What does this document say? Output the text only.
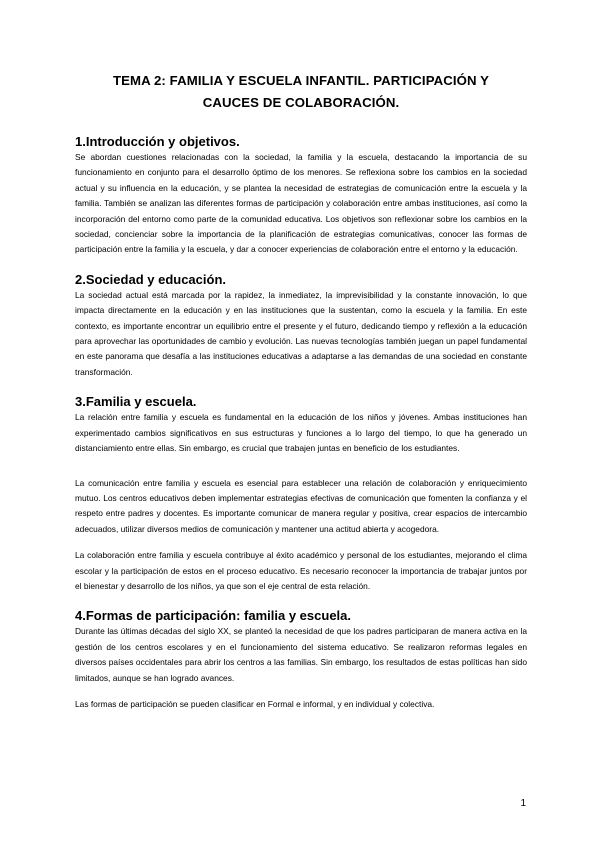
TEMA 2: FAMILIA Y ESCUELA INFANTIL. PARTICIPACIÓN Y
CAUCES DE COLABORACIÓN.
1.Introducción y objetivos.

Se abordan cuestiones relacionadas con la sociedad, la familia y la escuela, destacando la importancia de su funcionamiento en conjunto para el desarrollo óptimo de los menores. Se reflexiona sobre los cambios en la sociedad actual y su influencia en la educación, y se plantea la necesidad de estrategias de comunicación entre la escuela y la familia. También se analizan las diferentes formas de participación y colaboración entre ambas instituciones, así como la incorporación del entorno como parte de la comunidad educativa. Los objetivos son reflexionar sobre los cambios en la sociedad, concienciar sobre la importancia de la planificación de estrategias comunicativas, conocer las formas de participación entre la familia y la escuela, y dar a conocer experiencias de colaboración entre el entorno y la educación.

2.Sociedad y educación.

La sociedad actual está marcada por la rapidez, la inmediatez, la imprevisibilidad y la constante innovación, lo que impacta directamente en la educación y en las instituciones que la sustentan, como la escuela y la familia. En este contexto, es importante encontrar un equilibrio entre el presente y el futuro, dedicando tiempo y reflexión a la educación para aprovechar las oportunidades de cambio y evolución. Las nuevas tecnologías también juegan un papel fundamental en este panorama que desafía a las instituciones educativas a adaptarse a las demandas de una sociedad en constante transformación.

3.Familia y escuela.

La relación entre familia y escuela es fundamental en la educación de los niños y jóvenes. Ambas instituciones han experimentado cambios significativos en sus estructuras y funciones a lo largo del tiempo, lo que ha generado un distanciamiento entre ellas. Sin embargo, es crucial que trabajen juntas en beneficio de los estudiantes.

La comunicación entre familia y escuela es esencial para establecer una relación de colaboración y enriquecimiento mutuo. Los centros educativos deben implementar estrategias efectivas de comunicación que fomenten la confianza y el respeto entre padres y docentes. Es importante comunicar de manera regular y positiva, crear espacios de intercambio adecuados, utilizar diversos medios de comunicación y mantener una actitud abierta y acogedora.

La colaboración entre familia y escuela contribuye al éxito académico y personal de los estudiantes, mejorando el clima escolar y la participación de estos en el proceso educativo. Es necesario reconocer la importancia de trabajar juntos por el bienestar y desarrollo de los niños, ya que son el eje central de esta relación.

4.Formas de participación: familia y escuela.

Durante las últimas décadas del siglo XX, se planteó la necesidad de que los padres participaran de manera activa en la gestión de los centros escolares y en el funcionamiento del sistema educativo. Se realizaron reformas legales en diversos países occidentales para abrir los centros a las familias. Sin embargo, los resultados de estas políticas han sido limitados, aunque se han logrado avances.

Las formas de participación se pueden clasificar en Formal e informal, y en individual y colectiva.

1
